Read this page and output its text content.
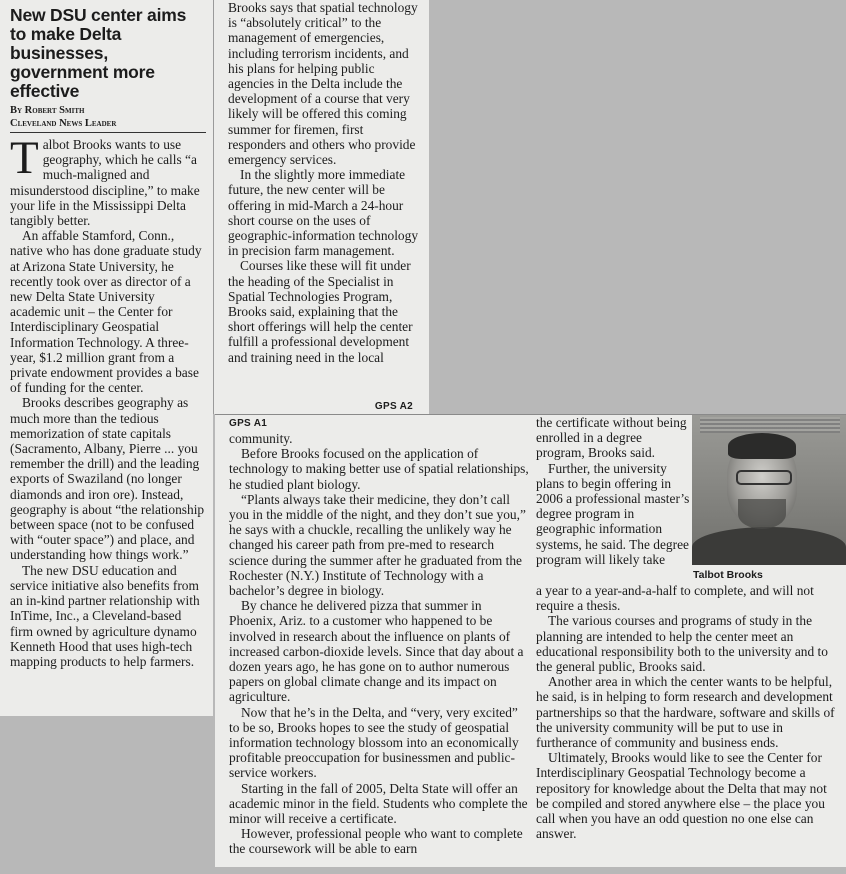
New DSU center aims to make Delta businesses, government more effective
By Robert Smith
Cleveland News Leader

Talbot Brooks wants to use geography, which he calls “a much-maligned and misunderstood discipline,” to make your life in the Mississippi Delta tangibly better.

An affable Stamford, Conn., native who has done graduate study at Arizona State University, he recently took over as director of a new Delta State University academic unit – the Center for Interdisciplinary Geospatial Information Technology. A three-year, $1.2 million grant from a private endowment provides a base of funding for the center.

Brooks describes geography as much more than the tedious memorization of state capitals (Sacramento, Albany, Pierre ... you remember the drill) and the leading exports of Swaziland (no longer diamonds and iron ore). Instead, geography is about “the relationship between space (not to be confused with “outer space”) and place, and understanding how things work.”

The new DSU education and service initiative also benefits from an in-kind partner relationship with InTime, Inc., a Cleveland-based firm owned by agriculture dynamo Kenneth Hood that uses high-tech mapping products to help farmers.

Brooks says that spatial technology is “absolutely critical” to the management of emergencies, including terrorism incidents, and his plans for helping public agencies in the Delta include the development of a course that very likely will be offered this coming summer for firemen, first responders and others who provide emergency services.

In the slightly more immediate future, the new center will be offering in mid-March a 24-hour short course on the uses of geographic-information technology in precision farm management.

Courses like these will fit under the heading of the Specialist in Spatial Technologies Program, Brooks said, explaining that the short offerings will help the center fulfill a professional development and training need in the local

GPS A2
GPS A1

community.

Before Brooks focused on the application of technology to making better use of spatial relationships, he studied plant biology.

“Plants always take their medicine, they don’t call you in the middle of the night, and they don’t sue you,” he says with a chuckle, recalling the unlikely way he changed his career path from pre-med to research science during the summer after he graduated from the Rochester (N.Y.) Institute of Technology with a bachelor’s degree in biology.

By chance he delivered pizza that summer in Phoenix, Ariz. to a customer who happened to be involved in research about the influence on plants of increased carbon-dioxide levels. Since that day about a dozen years ago, he has gone on to author numerous papers on global climate change and its impact on agriculture.

Now that he’s in the Delta, and “very, very excited” to be so, Brooks hopes to see the study of geospatial information technology blossom into an economically profitable preoccupation for businessmen and public-service workers.

Starting in the fall of 2005, Delta State will offer an academic minor in the field. Students who complete the minor will receive a certificate.

However, professional people who want to complete the coursework will be able to earn

the certificate without being enrolled in a degree program, Brooks said.

Further, the university plans to begin offering in 2006 a professional master’s degree program in geographic information systems, he said. The degree program will likely take

Talbot Brooks

a year to a year-and-a-half to complete, and will not require a thesis.

The various courses and programs of study in the planning are intended to help the center meet an educational responsibility both to the university and to the general public, Brooks said.

Another area in which the center wants to be helpful, he said, is in helping to form research and development partnerships so that the hardware, software and skills of the university community will be put to use in furtherance of community and business ends.

Ultimately, Brooks would like to see the Center for Interdisciplinary Geospatial Technology become a repository for knowledge about the Delta that may not be compiled and stored anywhere else – the place you call when you have an odd question no one else can answer.
